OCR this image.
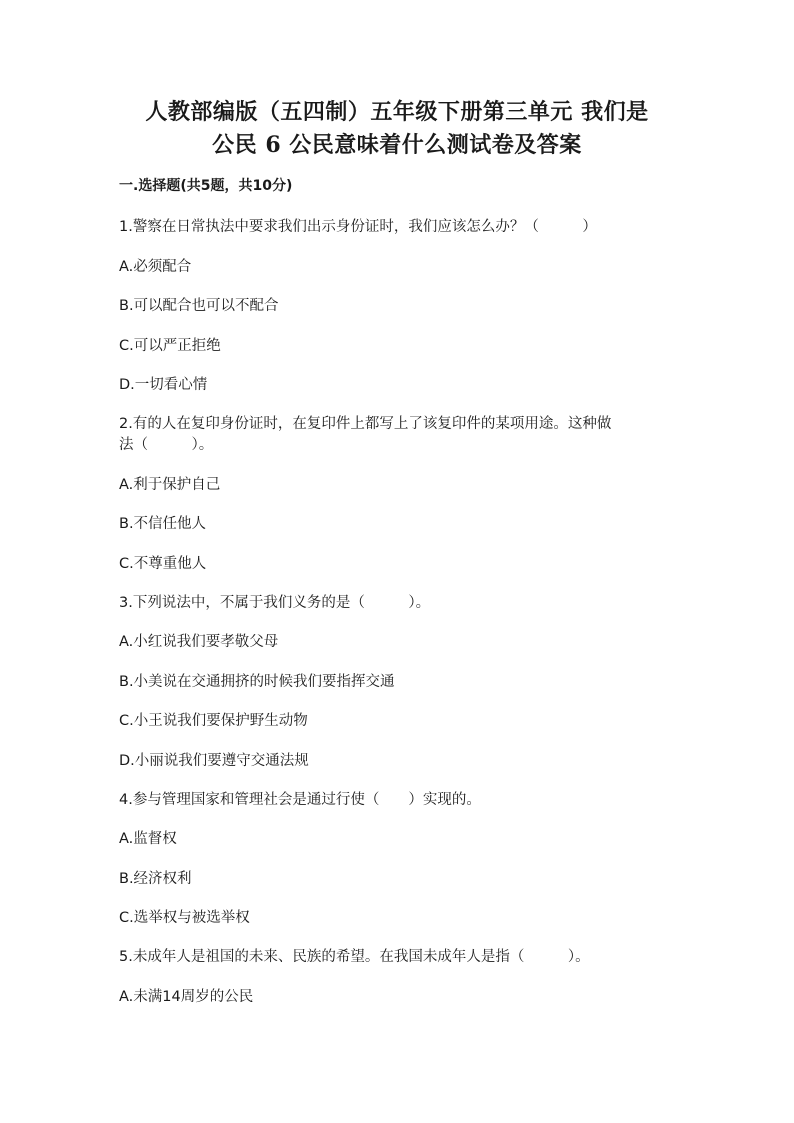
人教部编版（五四制）五年级下册第三单元 我们是
公民 6 公民意味着什么测试卷及答案
一.选择题(共5题，共10分)
1.警察在日常执法中要求我们出示身份证时，我们应该怎么办？（　　　）
A.必须配合
B.可以配合也可以不配合
C.可以严正拒绝
D.一切看心情
2.有的人在复印身份证时，在复印件上都写上了该复印件的某项用途。这种做
法（　　　）。
A.利于保护自己
B.不信任他人
C.不尊重他人
3.下列说法中，不属于我们义务的是（　　　）。
A.小红说我们要孝敬父母
B.小美说在交通拥挤的时候我们要指挥交通
C.小王说我们要保护野生动物
D.小丽说我们要遵守交通法规
4.参与管理国家和管理社会是通过行使（　　）实现的。
A.监督权
B.经济权利
C.选举权与被选举权
5.未成年人是祖国的未来、民族的希望。在我国未成年人是指（　　　）。
A.未满14周岁的公民
